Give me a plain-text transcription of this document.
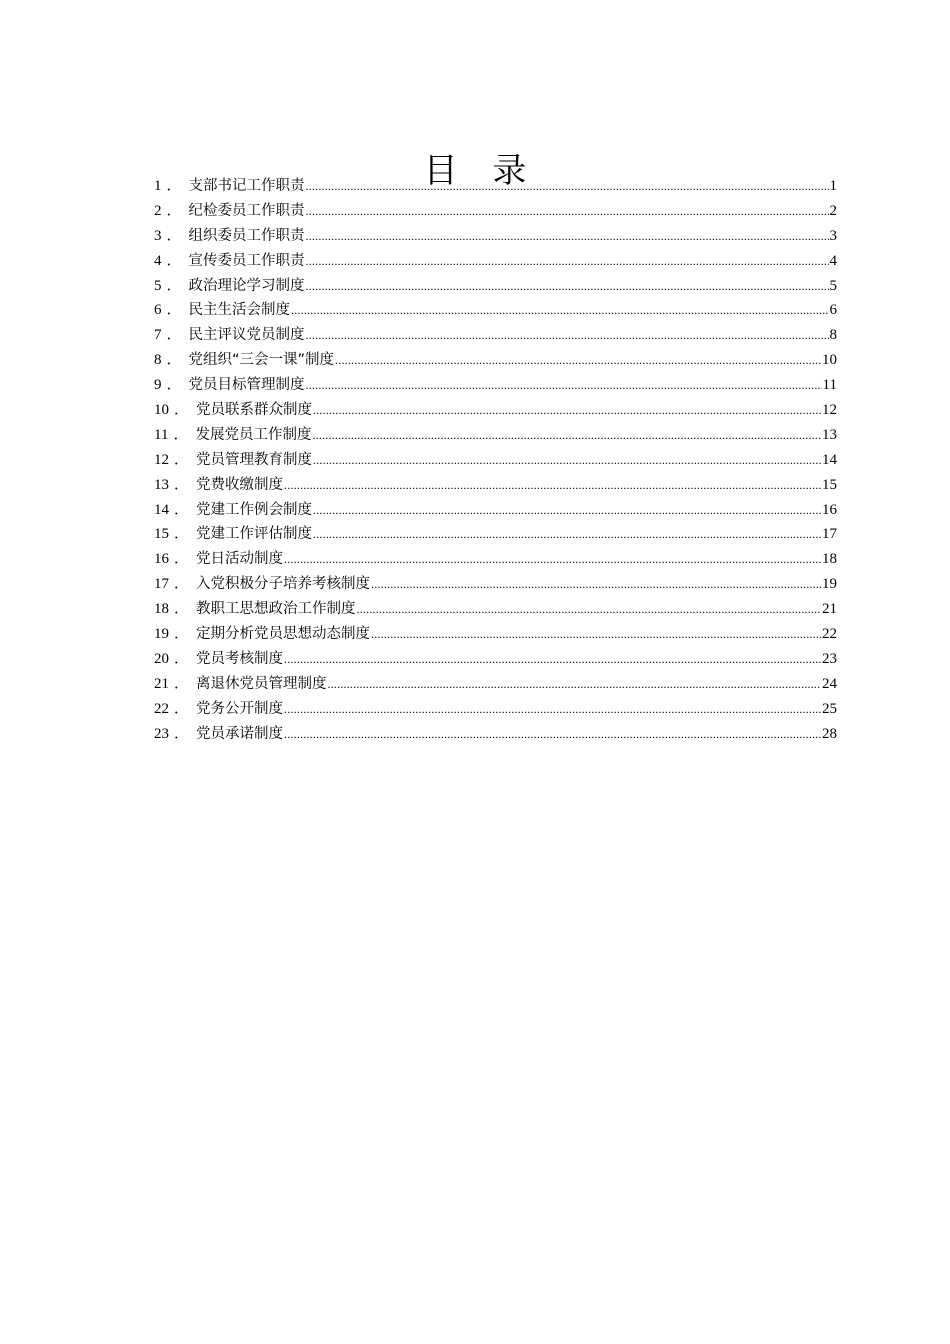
目 录
1 ． 支部书记工作职责 .....	1
2 ． 纪检委员工作职责 .....	2
3 ． 组织委员工作职责 .....	3
4 ． 宣传委员工作职责 .....	4
5 ． 政治理论学习制度 .....	5
6 ． 民主生活会制度 .....	6
7 ． 民主评议党员制度 .....	8
8 ． 党组织“三会一课”制度 .....	10
9 ． 党员目标管理制度 .....	11
10 ． 党员联系群众制度 .....	12
11 ． 发展党员工作制度 .....	13
12 ． 党员管理教育制度 .....	14
13 ． 党费收缴制度 .....	15
14 ． 党建工作例会制度 .....	16
15 ． 党建工作评估制度 .....	17
16 ． 党日活动制度 .....	18
17 ． 入党积极分子培养考核制度 .....	19
18 ． 教职工思想政治工作制度 .....	21
19 ． 定期分析党员思想动态制度 .....	22
20 ． 党员考核制度 .....	23
21 ． 离退休党员管理制度 .....	24
22 ． 党务公开制度 .....	25
23 ． 党员承诺制度 .....	28
